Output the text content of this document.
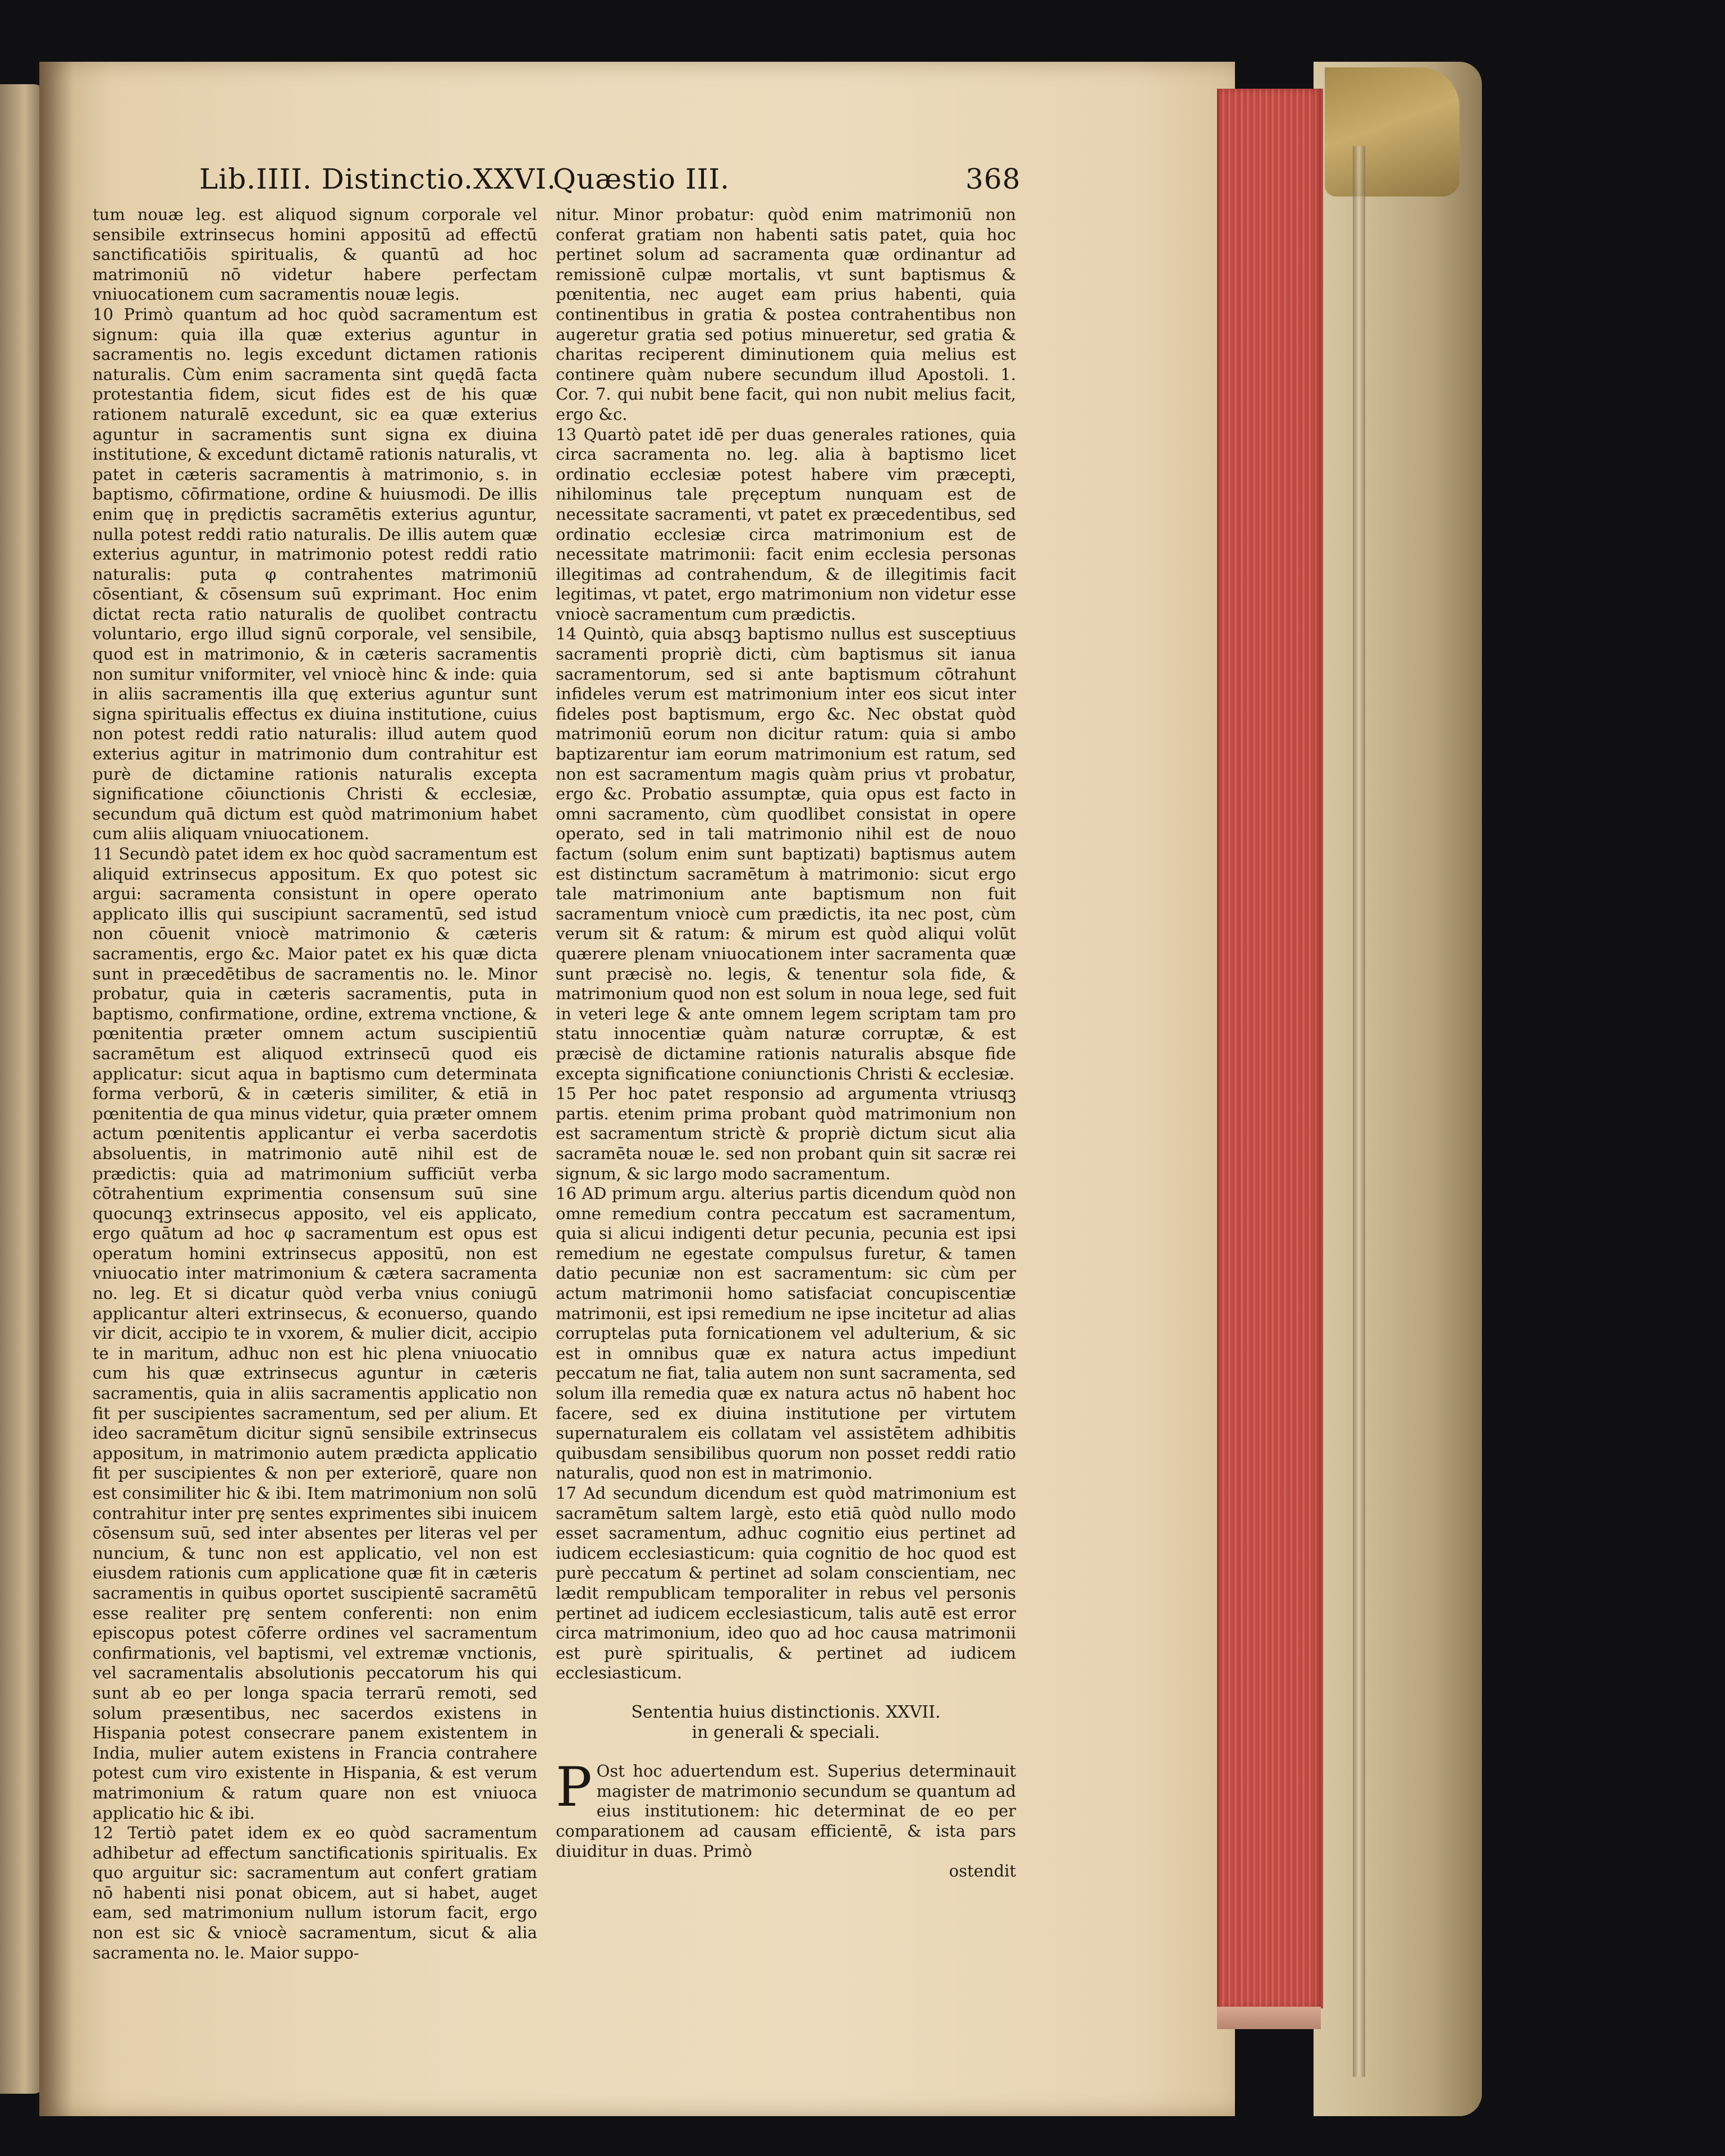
Lib.IIII. Distinctio.XXVI.
Quæstio III.	368

tum nouæ leg. est aliquod signum corporale vel sensibile extrinsecus homini appositū ad effectū sanctificatiōis spiritualis, & quantū ad hoc matrimoniū nō videtur habere perfectam vniuocationem cum sacramentis nouæ legis.

10 Primò quantum ad hoc quòd sacramentum est signum: quia illa quæ exterius aguntur in sacramentis no. legis excedunt dictamen rationis naturalis. Cùm enim sacramenta sint quędā facta protestantia fidem, sicut fides est de his quæ rationem naturalē excedunt, sic ea quæ exterius aguntur in sacramentis sunt signa ex diuina institutione, & excedunt dictamē rationis naturalis, vt patet in cæteris sacramentis à matrimonio, s. in baptismo, cōfirmatione, ordine & huiusmodi. De illis enim quę in prędictis sacramētis exterius aguntur, nulla potest reddi ratio naturalis. De illis autem quæ exterius aguntur, in matrimonio potest reddi ratio naturalis: puta φ contrahentes matrimoniū cōsentiant, & cōsensum suū exprimant. Hoc enim dictat recta ratio naturalis de quolibet contractu voluntario, ergo illud signū corporale, vel sensibile, quod est in matrimonio, & in cæteris sacramentis non sumitur vniformiter, vel vniocè hinc & inde: quia in aliis sacramentis illa quę exterius aguntur sunt signa spiritualis effectus ex diuina institutione, cuius non potest reddi ratio naturalis: illud autem quod exterius agitur in matrimonio dum contrahitur est purè de dictamine rationis naturalis excepta significatione cōiunctionis Christi & ecclesiæ, secundum quā dictum est quòd matrimonium habet cum aliis aliquam vniuocationem.

11 Secundò patet idem ex hoc quòd sacramentum est aliquid extrinsecus appositum. Ex quo potest sic argui: sacramenta consistunt in opere operato applicato illis qui suscipiunt sacramentū, sed istud non cōuenit vniocè matrimonio & cæteris sacramentis, ergo &c. Maior patet ex his quæ dicta sunt in præcedētibus de sacramentis no. le. Minor probatur, quia in cæteris sacramentis, puta in baptismo, confirmatione, ordine, extrema vnctione, & pœnitentia præter omnem actum suscipientiū sacramētum est aliquod extrinsecū quod eis applicatur: sicut aqua in baptismo cum determinata forma verborū, & in cæteris similiter, & etiā in pœnitentia de qua minus videtur, quia præter omnem actum pœnitentis applicantur ei verba sacerdotis absoluentis, in matrimonio autē nihil est de prædictis: quia ad matrimonium sufficiūt verba cōtrahentium exprimentia consensum suū sine quocunqꝫ extrinsecus apposito, vel eis applicato, ergo quātum ad hoc φ sacramentum est opus est operatum homini extrinsecus appositū, non est vniuocatio inter matrimonium & cætera sacramenta no. leg. Et si dicatur quòd verba vnius coniugū applicantur alteri extrinsecus, & econuerso, quando vir dicit, accipio te in vxorem, & mulier dicit, accipio te in maritum, adhuc non est hic plena vniuocatio cum his quæ extrinsecus aguntur in cæteris sacramentis, quia in aliis sacramentis applicatio non fit per suscipientes sacramentum, sed per alium. Et ideo sacramētum dicitur signū sensibile extrinsecus appositum, in matrimonio autem prædicta applicatio fit per suscipientes & non per exteriorē, quare non est consimiliter hic & ibi. Item matrimonium non solū contrahitur inter prę sentes exprimentes sibi inuicem cōsensum suū, sed inter absentes per literas vel per nuncium, & tunc non est applicatio, vel non est eiusdem rationis cum applicatione quæ fit in cæteris sacramentis in quibus oportet suscipientē sacramētū esse realiter prę sentem conferenti: non enim episcopus potest cōferre ordines vel sacramentum confirmationis, vel baptismi, vel extremæ vnctionis, vel sacramentalis absolutionis peccatorum his qui sunt ab eo per longa spacia terrarū remoti, sed solum præsentibus, nec sacerdos existens in Hispania potest consecrare panem existentem in India, mulier autem existens in Francia contrahere potest cum viro existente in Hispania, & est verum matrimonium & ratum quare non est vniuoca applicatio hic & ibi.

12 Tertiò patet idem ex eo quòd sacramentum adhibetur ad effectum sanctificationis spiritualis. Ex quo arguitur sic: sacramentum aut confert gratiam nō habenti nisi ponat obicem, aut si habet, auget eam, sed matrimonium nullum istorum facit, ergo non est sic & vniocè sacramentum, sicut & alia sacramenta no. le. Maior suppo-

nitur. Minor probatur: quòd enim matrimoniū non conferat gratiam non habenti satis patet, quia hoc pertinet solum ad sacramenta quæ ordinantur ad remissionē culpæ mortalis, vt sunt baptismus & pœnitentia, nec auget eam prius habenti, quia continentibus in gratia & postea contrahentibus non augeretur gratia sed potius minueretur, sed gratia & charitas reciperent diminutionem quia melius est continere quàm nubere secundum illud Apostoli. 1. Cor. 7. qui nubit bene facit, qui non nubit melius facit, ergo &c.

13 Quartò patet idē per duas generales rationes, quia circa sacramenta no. leg. alia à baptismo licet ordinatio ecclesiæ potest habere vim præcepti, nihilominus tale pręceptum nunquam est de necessitate sacramenti, vt patet ex præcedentibus, sed ordinatio ecclesiæ circa matrimonium est de necessitate matrimonii: facit enim ecclesia personas illegitimas ad contrahendum, & de illegitimis facit legitimas, vt patet, ergo matrimonium non videtur esse vniocè sacramentum cum prædictis.

14 Quintò, quia absqꝫ baptismo nullus est susceptiuus sacramenti propriè dicti, cùm baptismus sit ianua sacramentorum, sed si ante baptismum cōtrahunt infideles verum est matrimonium inter eos sicut inter fideles post baptismum, ergo &c. Nec obstat quòd matrimoniū eorum non dicitur ratum: quia si ambo baptizarentur iam eorum matrimonium est ratum, sed non est sacramentum magis quàm prius vt probatur, ergo &c. Probatio assumptæ, quia opus est facto in omni sacramento, cùm quodlibet consistat in opere operato, sed in tali matrimonio nihil est de nouo factum (solum enim sunt baptizati) baptismus autem est distinctum sacramētum à matrimonio: sicut ergo tale matrimonium ante baptismum non fuit sacramentum vniocè cum prædictis, ita nec post, cùm verum sit & ratum: & mirum est quòd aliqui volūt quærere plenam vniuocationem inter sacramenta quæ sunt præcisè no. legis, & tenentur sola fide, & matrimonium quod non est solum in noua lege, sed fuit in veteri lege & ante omnem legem scriptam tam pro statu innocentiæ quàm naturæ corruptæ, & est præcisè de dictamine rationis naturalis absque fide excepta significatione coniunctionis Christi & ecclesiæ.

15 Per hoc patet responsio ad argumenta vtriusqꝫ partis. etenim prima probant quòd matrimonium non est sacramentum strictè & propriè dictum sicut alia sacramēta nouæ le. sed non probant quin sit sacræ rei signum, & sic largo modo sacramentum.

16 AD primum argu. alterius partis dicendum quòd non omne remedium contra peccatum est sacramentum, quia si alicui indigenti detur pecunia, pecunia est ipsi remedium ne egestate compulsus furetur, & tamen datio pecuniæ non est sacramentum: sic cùm per actum matrimonii homo satisfaciat concupiscentiæ matrimonii, est ipsi remedium ne ipse incitetur ad alias corruptelas puta fornicationem vel adulterium, & sic est in omnibus quæ ex natura actus impediunt peccatum ne fiat, talia autem non sunt sacramenta, sed solum illa remedia quæ ex natura actus nō habent hoc facere, sed ex diuina institutione per virtutem supernaturalem eis collatam vel assistētem adhibitis quibusdam sensibilibus quorum non posset reddi ratio naturalis, quod non est in matrimonio.

17 Ad secundum dicendum est quòd matrimonium est sacramētum saltem largè, esto etiā quòd nullo modo esset sacramentum, adhuc cognitio eius pertinet ad iudicem ecclesiasticum: quia cognitio de hoc quod est purè peccatum & pertinet ad solam conscientiam, nec lædit rempublicam temporaliter in rebus vel personis pertinet ad iudicem ecclesiasticum, talis autē est error circa matrimonium, ideo quo ad hoc causa matrimonii est purè spiritualis, & pertinet ad iudicem ecclesiasticum.

Sententia huius distinctionis. XXVII.

in generali & speciali.

P Ost hoc aduertendum est. Superius determinauit magister de matrimonio secundum se quantum ad eius institutionem: hic determinat de eo per comparationem ad causam efficientē, & ista pars diuiditur in duas. Primò

ostendit
